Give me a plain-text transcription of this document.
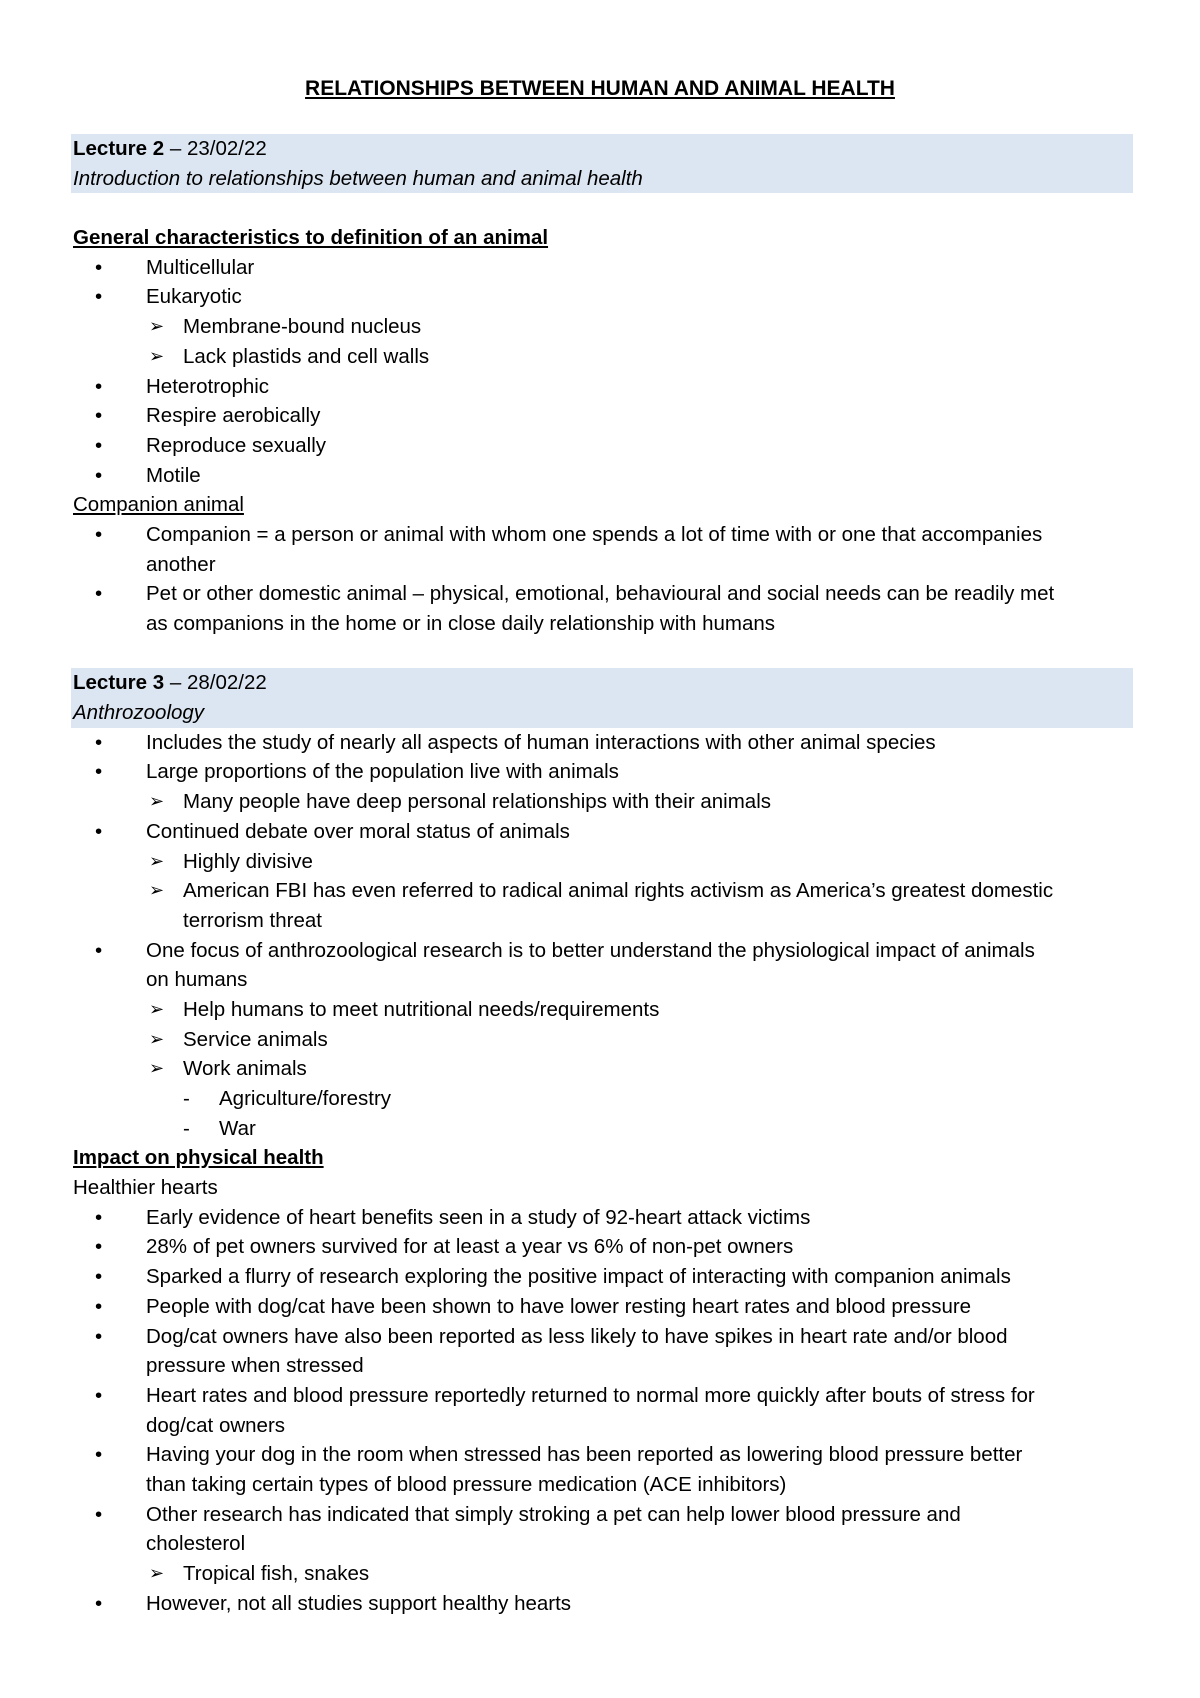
RELATIONSHIPS BETWEEN HUMAN AND ANIMAL HEALTH
Lecture 2 – 23/02/22
Introduction to relationships between human and animal health
General characteristics to definition of an animal
• Multicellular
• Eukaryotic
➢ Membrane-bound nucleus
➢ Lack plastids and cell walls
• Heterotrophic
• Respire aerobically
• Reproduce sexually
• Motile
Companion animal
• Companion = a person or animal with whom one spends a lot of time with or one that accompanies
another
• Pet or other domestic animal – physical, emotional, behavioural and social needs can be readily met
as companions in the home or in close daily relationship with humans
Lecture 3 – 28/02/22
Anthrozoology
• Includes the study of nearly all aspects of human interactions with other animal species
• Large proportions of the population live with animals
➢ Many people have deep personal relationships with their animals
• Continued debate over moral status of animals
➢ Highly divisive
➢ American FBI has even referred to radical animal rights activism as America’s greatest domestic
terrorism threat
• One focus of anthrozoological research is to better understand the physiological impact of animals
on humans
➢ Help humans to meet nutritional needs/requirements
➢ Service animals
➢ Work animals
- Agriculture/forestry
- War
Impact on physical health
Healthier hearts
• Early evidence of heart benefits seen in a study of 92-heart attack victims
• 28% of pet owners survived for at least a year vs 6% of non-pet owners
• Sparked a flurry of research exploring the positive impact of interacting with companion animals
• People with dog/cat have been shown to have lower resting heart rates and blood pressure
• Dog/cat owners have also been reported as less likely to have spikes in heart rate and/or blood
pressure when stressed
• Heart rates and blood pressure reportedly returned to normal more quickly after bouts of stress for
dog/cat owners
• Having your dog in the room when stressed has been reported as lowering blood pressure better
than taking certain types of blood pressure medication (ACE inhibitors)
• Other research has indicated that simply stroking a pet can help lower blood pressure and
cholesterol
➢ Tropical fish, snakes
• However, not all studies support healthy hearts
